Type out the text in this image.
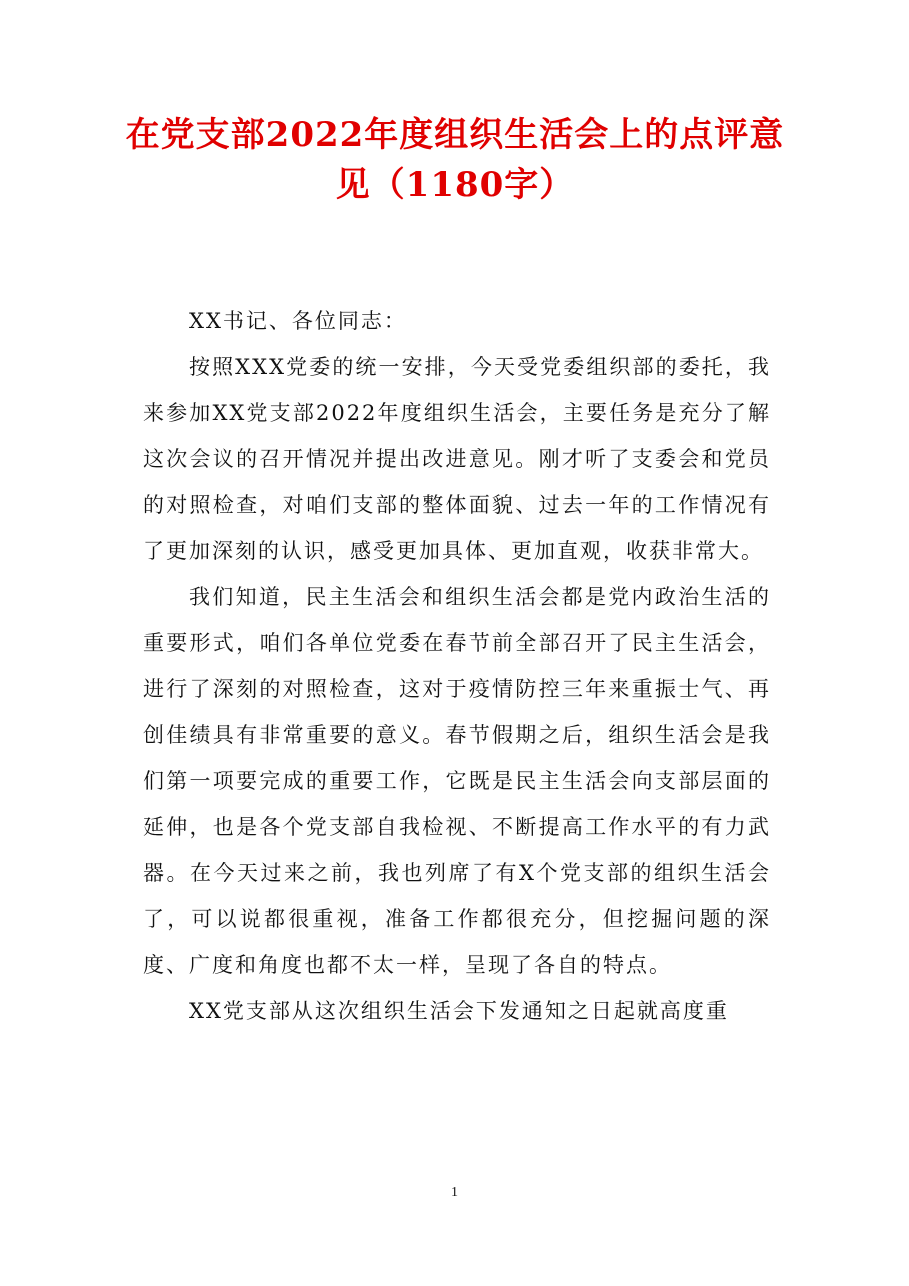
在党支部2022年度组织生活会上的点评意见（1180字）

XX书记、各位同志：

按照XXX党委的统一安排，今天受党委组织部的委托，我来参加XX党支部2022年度组织生活会，主要任务是充分了解这次会议的召开情况并提出改进意见。刚才听了支委会和党员的对照检查，对咱们支部的整体面貌、过去一年的工作情况有了更加深刻的认识，感受更加具体、更加直观，收获非常大。

我们知道，民主生活会和组织生活会都是党内政治生活的重要形式，咱们各单位党委在春节前全部召开了民主生活会，进行了深刻的对照检查，这对于疫情防控三年来重振士气、再创佳绩具有非常重要的意义。春节假期之后，组织生活会是我们第一项要完成的重要工作，它既是民主生活会向支部层面的延伸，也是各个党支部自我检视、不断提高工作水平的有力武器。在今天过来之前，我也列席了有X个党支部的组织生活会了，可以说都很重视，准备工作都很充分，但挖掘问题的深度、广度和角度也都不太一样，呈现了各自的特点。

XX党支部从这次组织生活会下发通知之日起就高度重

1
